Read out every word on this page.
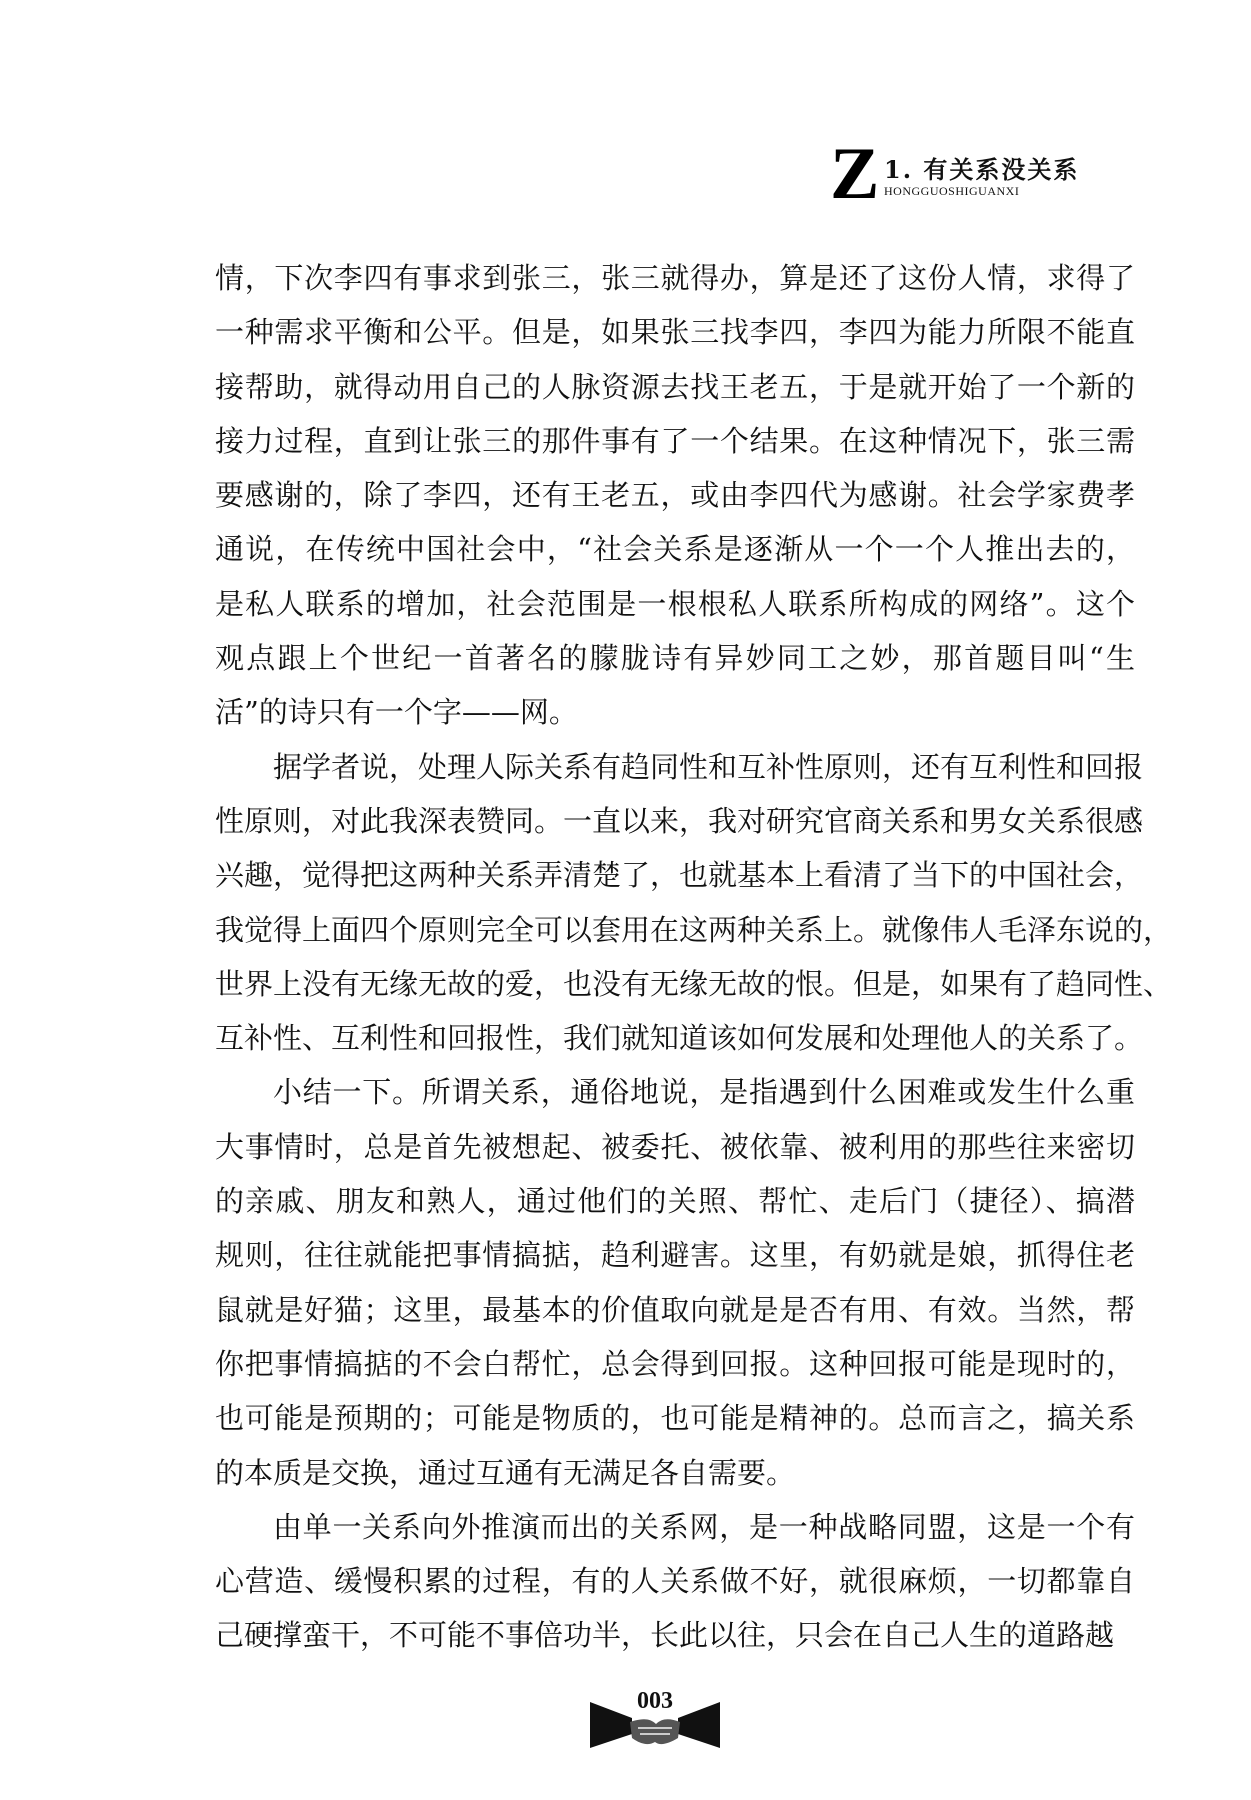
Z 1. 有关系没关系
HONGGUOSHIGUANXI
情，下次李四有事求到张三，张三就得办，算是还了这份人情，求得了
一种需求平衡和公平。但是，如果张三找李四，李四为能力所限不能直
接帮助，就得动用自己的人脉资源去找王老五，于是就开始了一个新的
接力过程，直到让张三的那件事有了一个结果。在这种情况下，张三需
要感谢的，除了李四，还有王老五，或由李四代为感谢。社会学家费孝
通说，在传统中国社会中，“社会关系是逐渐从一个一个人推出去的，
是私人联系的增加，社会范围是一根根私人联系所构成的网络”。这个
观点跟上个世纪一首著名的朦胧诗有异妙同工之妙，那首题目叫“生
活”的诗只有一个字——网。
据学者说，处理人际关系有趋同性和互补性原则，还有互利性和回报
性原则，对此我深表赞同。一直以来，我对研究官商关系和男女关系很感
兴趣，觉得把这两种关系弄清楚了，也就基本上看清了当下的中国社会，
我觉得上面四个原则完全可以套用在这两种关系上。就像伟人毛泽东说的，
世界上没有无缘无故的爱，也没有无缘无故的恨。但是，如果有了趋同性、
互补性、互利性和回报性，我们就知道该如何发展和处理他人的关系了。
小结一下。所谓关系，通俗地说，是指遇到什么困难或发生什么重
大事情时，总是首先被想起、被委托、被依靠、被利用的那些往来密切
的亲戚、朋友和熟人，通过他们的关照、帮忙、走后门（捷径）、搞潜
规则，往往就能把事情搞掂，趋利避害。这里，有奶就是娘，抓得住老
鼠就是好猫；这里，最基本的价值取向就是是否有用、有效。当然，帮
你把事情搞掂的不会白帮忙，总会得到回报。这种回报可能是现时的，
也可能是预期的；可能是物质的，也可能是精神的。总而言之，搞关系
的本质是交换，通过互通有无满足各自需要。
由单一关系向外推演而出的关系网，是一种战略同盟，这是一个有
心营造、缓慢积累的过程，有的人关系做不好，就很麻烦，一切都靠自
己硬撑蛮干，不可能不事倍功半，长此以往，只会在自己人生的道路越
003
